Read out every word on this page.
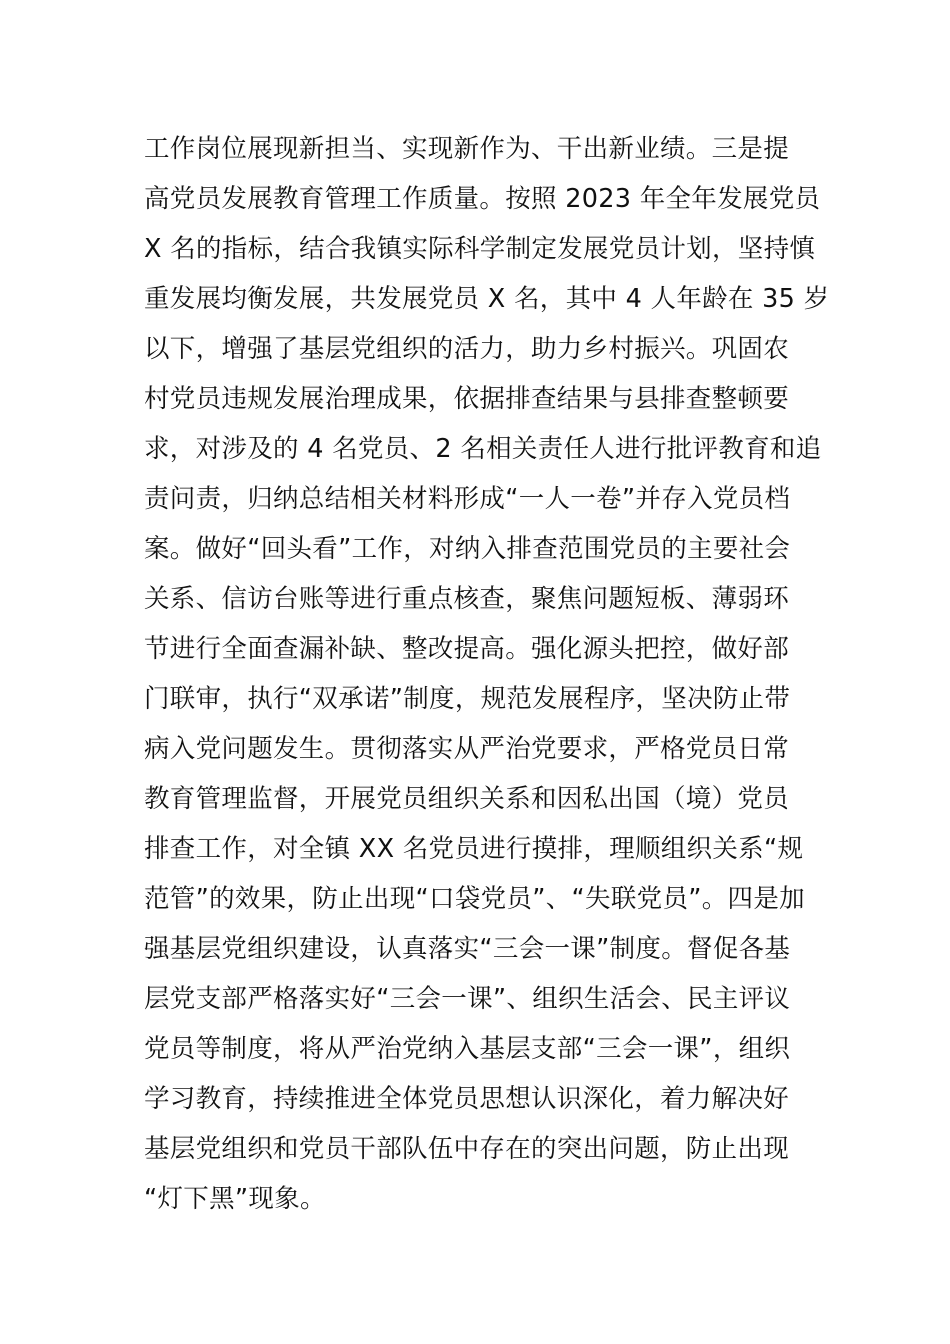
工作岗位展现新担当、实现新作为、干出新业绩。三是提
高党员发展教育管理工作质量。按照 2023 年全年发展党员
X 名的指标，结合我镇实际科学制定发展党员计划，坚持慎
重发展均衡发展，共发展党员 X 名，其中 4 人年龄在 35 岁
以下，增强了基层党组织的活力，助力乡村振兴。巩固农
村党员违规发展治理成果，依据排查结果与县排查整顿要
求，对涉及的 4 名党员、2 名相关责任人进行批评教育和追
责问责，归纳总结相关材料形成“一人一卷”并存入党员档
案。做好“回头看”工作，对纳入排查范围党员的主要社会
关系、信访台账等进行重点核查，聚焦问题短板、薄弱环
节进行全面查漏补缺、整改提高。强化源头把控，做好部
门联审，执行“双承诺”制度，规范发展程序，坚决防止带
病入党问题发生。贯彻落实从严治党要求，严格党员日常
教育管理监督，开展党员组织关系和因私出国（境）党员
排查工作，对全镇 XX 名党员进行摸排，理顺组织关系“规
范管”的效果，防止出现“口袋党员”、“失联党员”。四是加
强基层党组织建设，认真落实“三会一课”制度。督促各基
层党支部严格落实好“三会一课”、组织生活会、民主评议
党员等制度，将从严治党纳入基层支部“三会一课”，组织
学习教育，持续推进全体党员思想认识深化，着力解决好
基层党组织和党员干部队伍中存在的突出问题，防止出现
“灯下黑”现象。
